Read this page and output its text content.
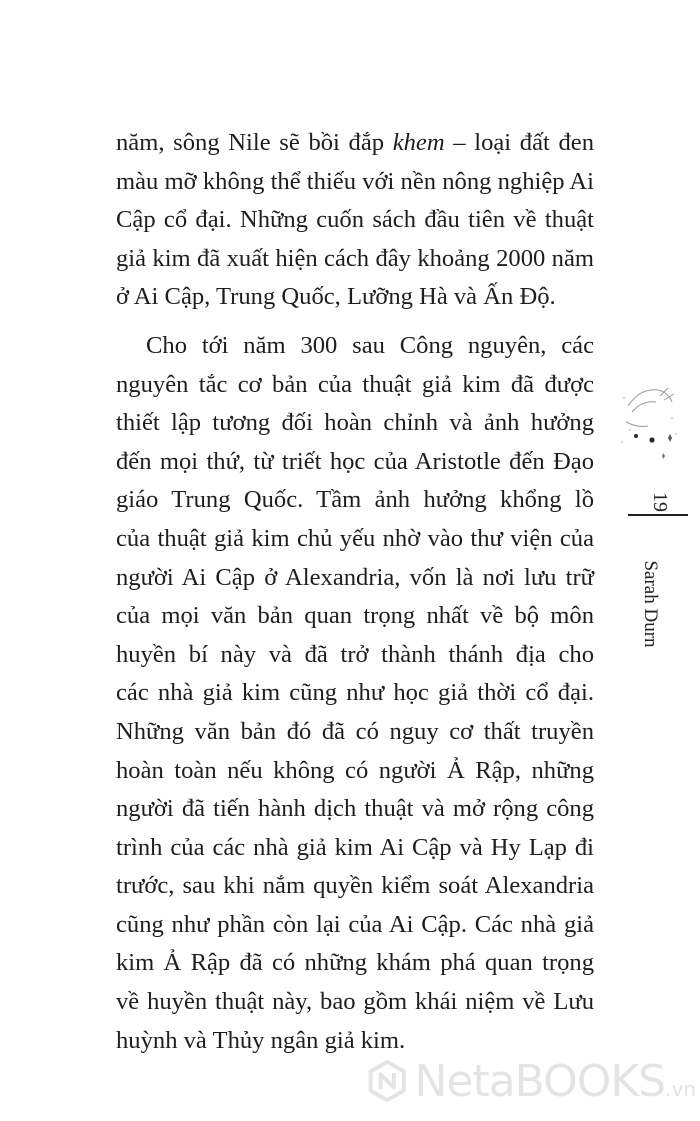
năm, sông Nile sẽ bồi đắp khem – loại đất đen
màu mỡ không thể thiếu với nền nông nghiệp Ai
Cập cổ đại. Những cuốn sách đầu tiên về thuật
giả kim đã xuất hiện cách đây khoảng 2000 năm
ở Ai Cập, Trung Quốc, Lưỡng Hà và Ấn Độ.
Cho tới năm 300 sau Công nguyên, các
nguyên tắc cơ bản của thuật giả kim đã được
thiết lập tương đối hoàn chỉnh và ảnh hưởng
đến mọi thứ, từ triết học của Aristotle đến Đạo
giáo Trung Quốc. Tầm ảnh hưởng khổng lồ
của thuật giả kim chủ yếu nhờ vào thư viện của
người Ai Cập ở Alexandria, vốn là nơi lưu trữ
của mọi văn bản quan trọng nhất về bộ môn
huyền bí này và đã trở thành thánh địa cho
các nhà giả kim cũng như học giả thời cổ đại.
Những văn bản đó đã có nguy cơ thất truyền
hoàn toàn nếu không có người Ả Rập, những
người đã tiến hành dịch thuật và mở rộng công
trình của các nhà giả kim Ai Cập và Hy Lạp đi
trước, sau khi nắm quyền kiểm soát Alexandria
cũng như phần còn lại của Ai Cập. Các nhà giả
kim Ả Rập đã có những khám phá quan trọng
về huyền thuật này, bao gồm khái niệm về Lưu
huỳnh và Thủy ngân giả kim.
19
Sarah Durn
NetaBOOKS.vn
